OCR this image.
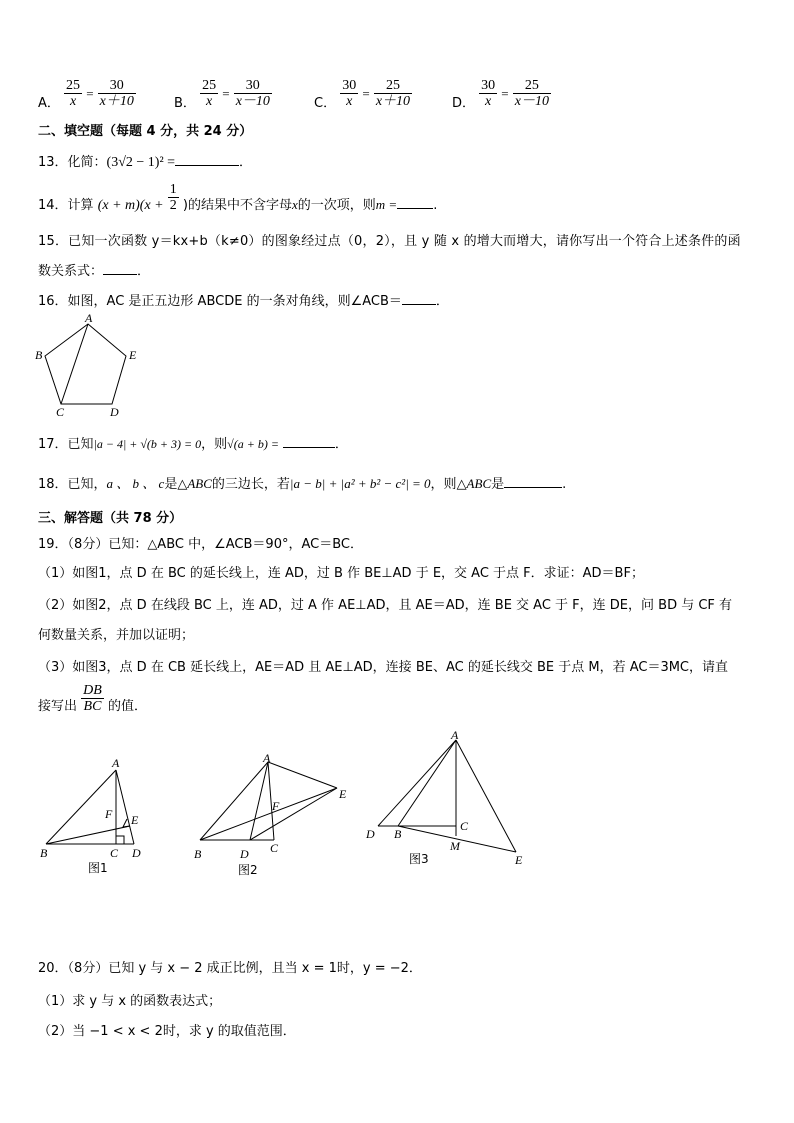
A． $\frac{25}{x} = \frac{30}{x+10}$	B． $\frac{25}{x} = \frac{30}{x-10}$	C． $\frac{30}{x} = \frac{25}{x+10}$	D． $\frac{30}{x} = \frac{25}{x-10}$
二、填空题（每题 4 分，共 24 分）
13．化简：(3√2 − 1)² =	．
14．计算 $(x + m)(x + \frac{1}{2}$ )的结果中不含字母x的一次项，则m =	.
15．已知一次函数 y＝kx+b（k≠0）的图象经过点（0，2），且 y 随 x 的增大而增大，请你写出一个符合上述条件的函
数关系式：	．
16．如图，AC 是正五边形 ABCDE 的一条对角线，则∠ACB＝	．
A
B	E
C	D
17．已知|a − 4| + √(b + 3) = 0，则√(a + b) =	．
18．已知，a 、 b 、 c是△ABC的三边长，若|a − b| + |a² + b² − c²| = 0，则△ABC是	.
三、解答题（共 78 分）
19．（8分）已知：△ABC 中，∠ACB＝90°，AC＝BC．
（1）如图1，点 D 在 BC 的延长线上，连 AD，过 B 作 BE⊥AD 于 E，交 AC 于点 F．求证：AD＝BF；
（2）如图2，点 D 在线段 BC 上，连 AD，过 A 作 AE⊥AD，且 AE＝AD，连 BE 交 AC 于 F，连 DE，问 BD 与 CF 有
何数量关系，并加以证明；
（3）如图3，点 D 在 CB 延长线上，AE＝AD 且 AE⊥AD，连接 BE、AC 的延长线交 BE 于点 M，若 AC＝3MC，请直
接写出 $\frac{DB}{BC}$ 的值．
A
F E
B	C D
图1
A
F
E
B	D C
图2
A
C
D B
M
E
图3
20．（8分）已知 y 与 x − 2 成正比例，且当 x = 1时，y = −2．
（1）求 y 与 x 的函数表达式；
（2）当 −1 < x < 2时，求 y 的取值范围．
